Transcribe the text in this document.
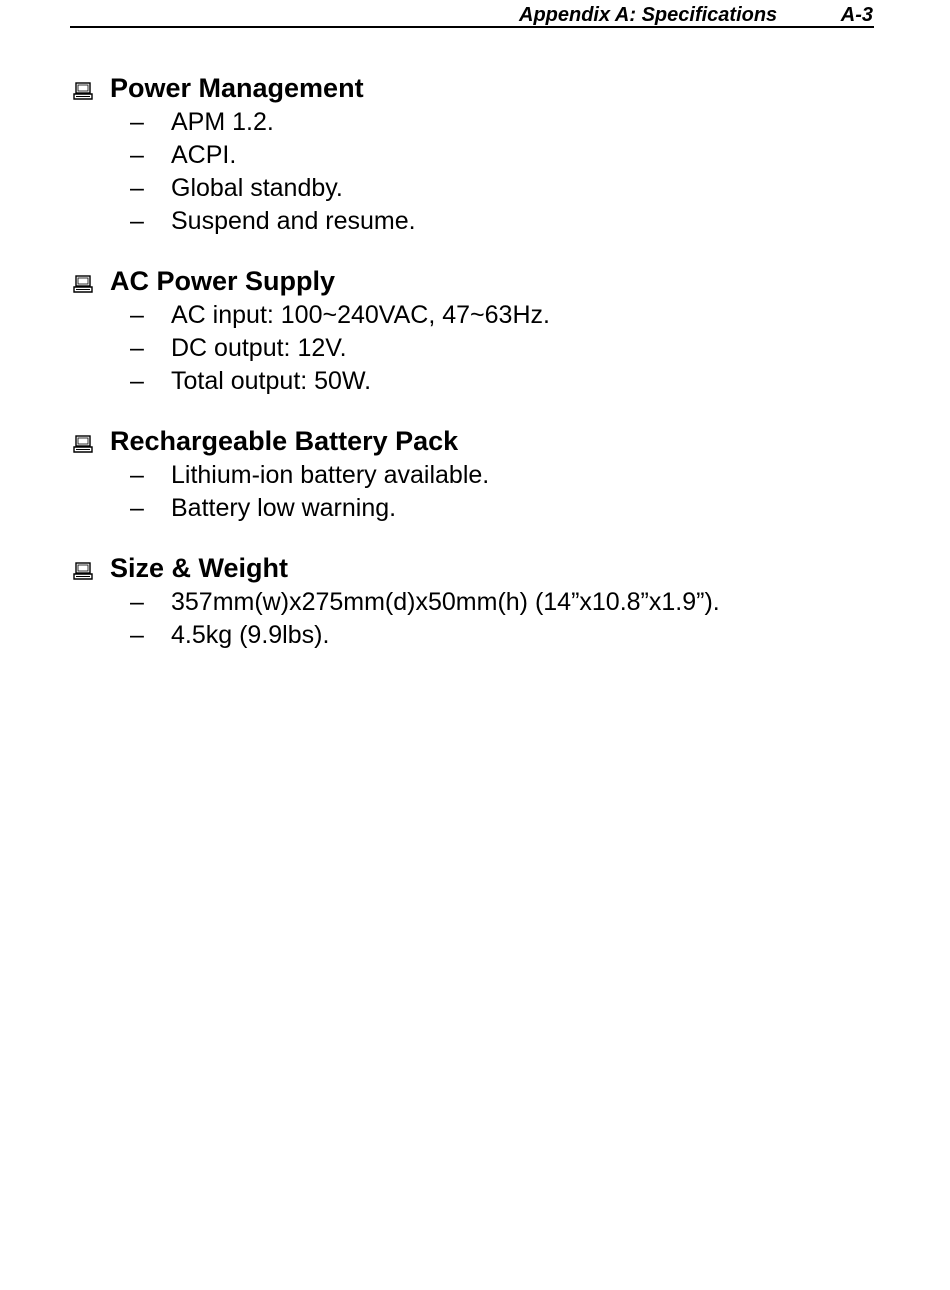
Appendix A: Specifications	A-3
Power Management
– APM 1.2.
– ACPI.
– Global standby.
– Suspend and resume.
AC Power Supply
– AC input: 100~240VAC, 47~63Hz.
– DC output: 12V.
– Total output: 50W.
Rechargeable Battery Pack
– Lithium-ion battery available.
– Battery low warning.
Size & Weight
– 357mm(w)x275mm(d)x50mm(h) (14”x10.8”x1.9”).
– 4.5kg (9.9lbs).
